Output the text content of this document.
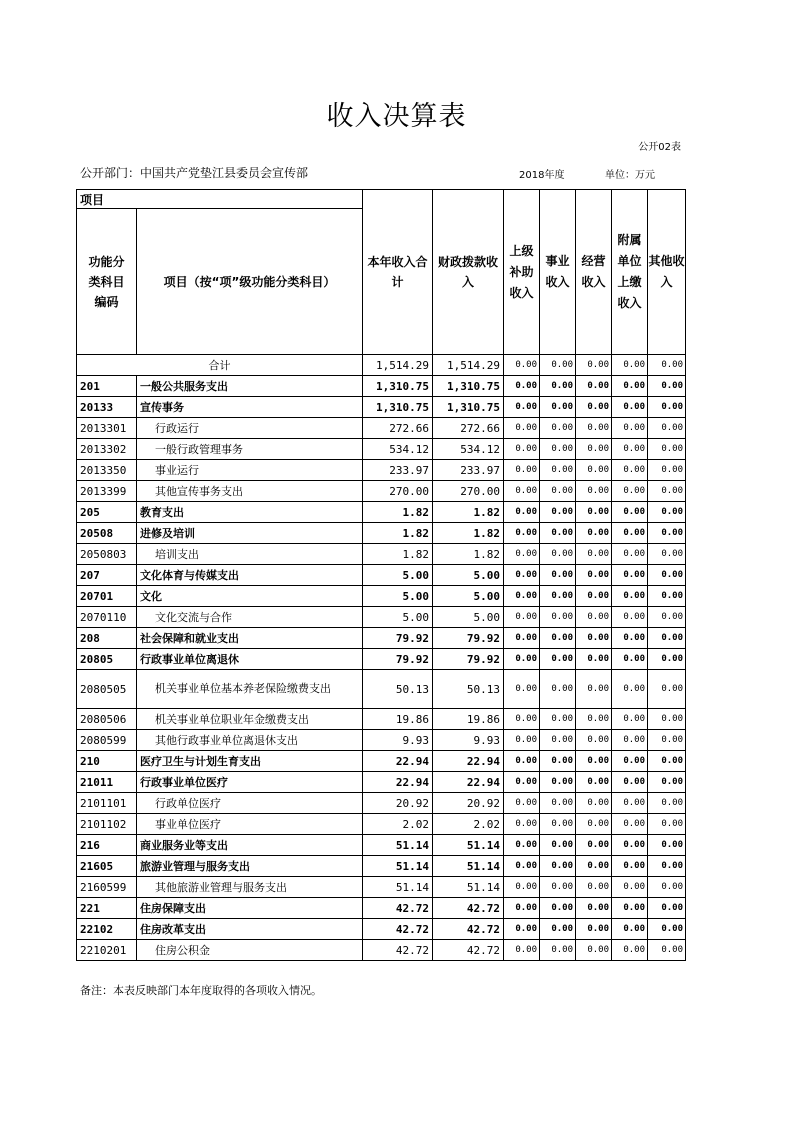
收入决算表
公开02表
公开部门：中国共产党垫江县委员会宣传部	2018年度	单位：万元
项目		本年收入合计	财政拨款收入	上级补助收入	事业收入	经营收入	附属单位上缴收入	其他收入
功能分类科目编码	项目（按“项”级功能分类科目）							
合计		1,514.29	1,514.29	0.00	0.00	0.00	0.00	0.00
201	一般公共服务支出	1,310.75	1,310.75	0.00	0.00	0.00	0.00	0.00
20133	宣传事务	1,310.75	1,310.75	0.00	0.00	0.00	0.00	0.00
2013301	行政运行	272.66	272.66	0.00	0.00	0.00	0.00	0.00
2013302	一般行政管理事务	534.12	534.12	0.00	0.00	0.00	0.00	0.00
2013350	事业运行	233.97	233.97	0.00	0.00	0.00	0.00	0.00
2013399	其他宣传事务支出	270.00	270.00	0.00	0.00	0.00	0.00	0.00
205	教育支出	1.82	1.82	0.00	0.00	0.00	0.00	0.00
20508	进修及培训	1.82	1.82	0.00	0.00	0.00	0.00	0.00
2050803	培训支出	1.82	1.82	0.00	0.00	0.00	0.00	0.00
207	文化体育与传媒支出	5.00	5.00	0.00	0.00	0.00	0.00	0.00
20701	文化	5.00	5.00	0.00	0.00	0.00	0.00	0.00
2070110	文化交流与合作	5.00	5.00	0.00	0.00	0.00	0.00	0.00
208	社会保障和就业支出	79.92	79.92	0.00	0.00	0.00	0.00	0.00
20805	行政事业单位离退休	79.92	79.92	0.00	0.00	0.00	0.00	0.00
2080505	机关事业单位基本养老保险缴费支出	50.13	50.13	0.00	0.00	0.00	0.00	0.00
2080506	机关事业单位职业年金缴费支出	19.86	19.86	0.00	0.00	0.00	0.00	0.00
2080599	其他行政事业单位离退休支出	9.93	9.93	0.00	0.00	0.00	0.00	0.00
210	医疗卫生与计划生育支出	22.94	22.94	0.00	0.00	0.00	0.00	0.00
21011	行政事业单位医疗	22.94	22.94	0.00	0.00	0.00	0.00	0.00
2101101	行政单位医疗	20.92	20.92	0.00	0.00	0.00	0.00	0.00
2101102	事业单位医疗	2.02	2.02	0.00	0.00	0.00	0.00	0.00
216	商业服务业等支出	51.14	51.14	0.00	0.00	0.00	0.00	0.00
21605	旅游业管理与服务支出	51.14	51.14	0.00	0.00	0.00	0.00	0.00
2160599	其他旅游业管理与服务支出	51.14	51.14	0.00	0.00	0.00	0.00	0.00
221	住房保障支出	42.72	42.72	0.00	0.00	0.00	0.00	0.00
22102	住房改革支出	42.72	42.72	0.00	0.00	0.00	0.00	0.00
2210201	住房公积金	42.72	42.72	0.00	0.00	0.00	0.00	0.00
备注：本表反映部门本年度取得的各项收入情况。
